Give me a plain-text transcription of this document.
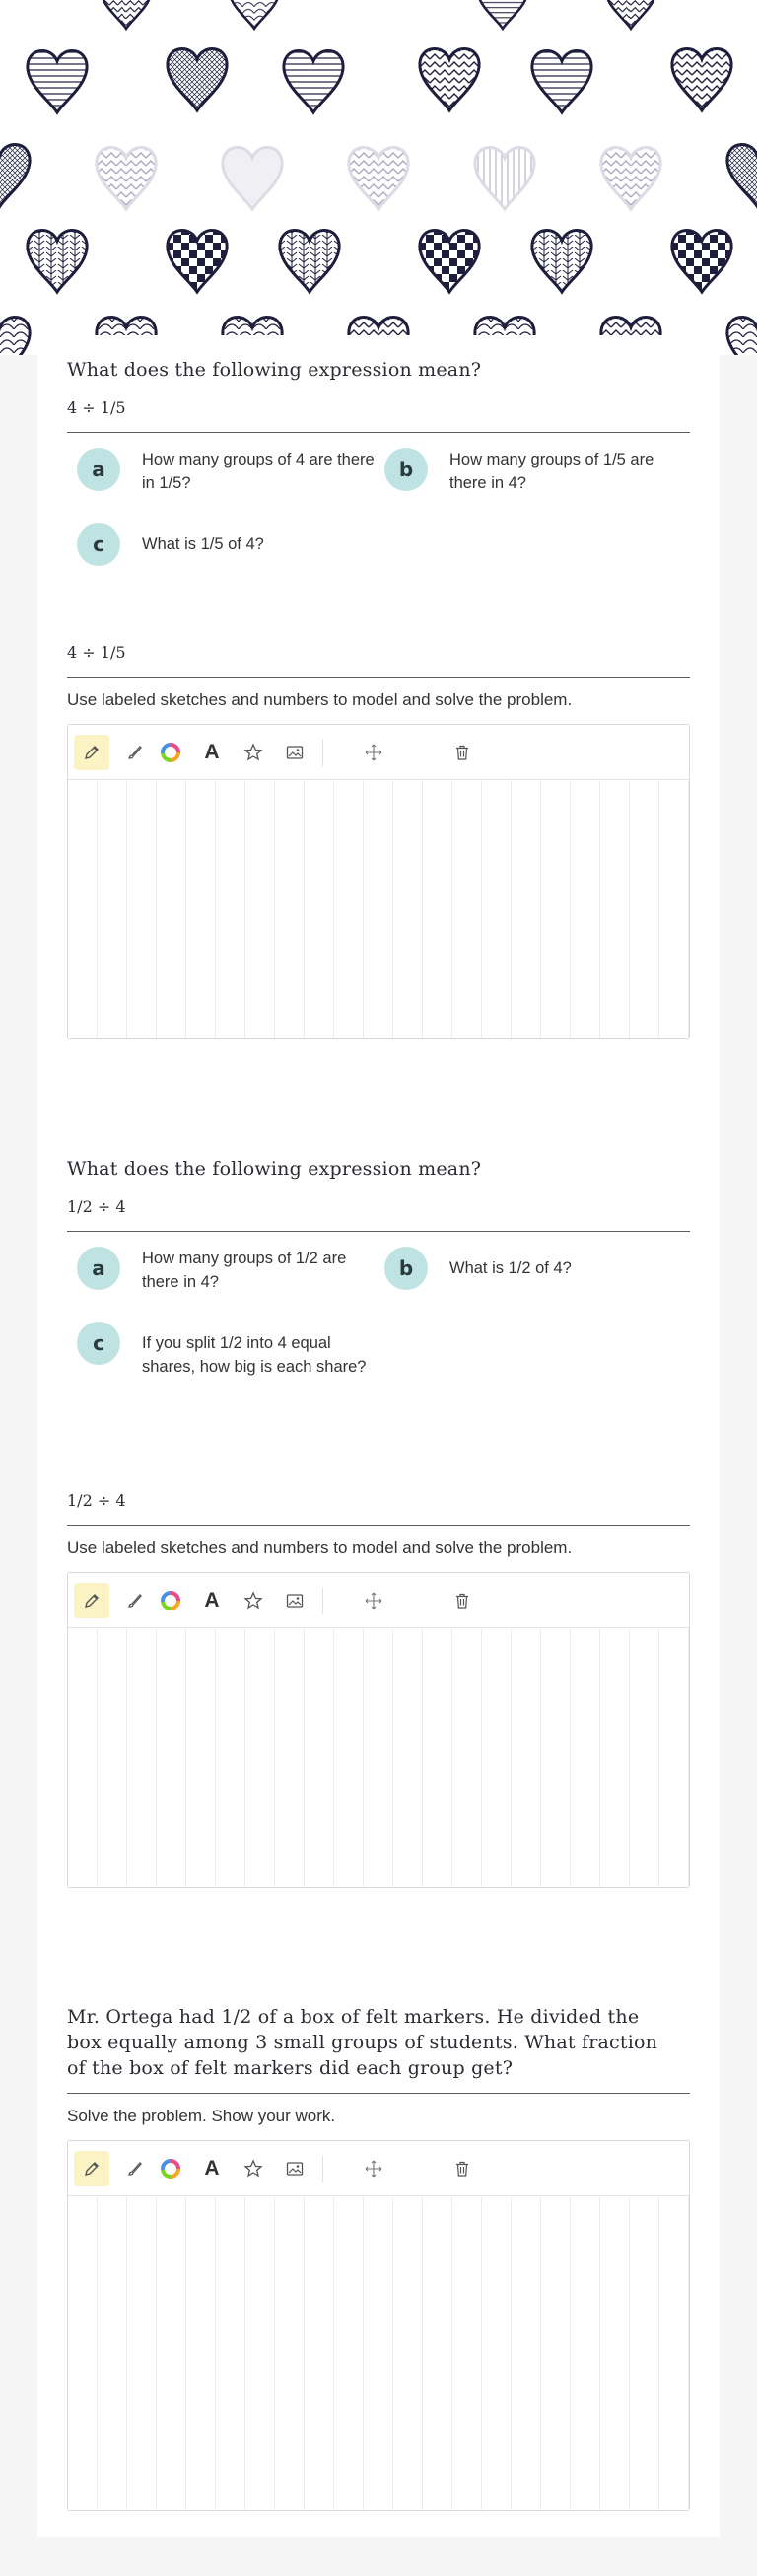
What does the following expression mean?
4 ÷ 1/5
a	How many groups of 4 are there in 1/5?
b	How many groups of 1/5 are there in 4?
c	What is 1/5 of 4?
4 ÷ 1/5
Use labeled sketches and numbers to model and solve the problem.
A
What does the following expression mean?
1/2 ÷ 4
a	How many groups of 1/2 are there in 4?
b	What is 1/2 of 4?
c	If you split 1/2 into 4 equal shares, how big is each share?
1/2 ÷ 4
Use labeled sketches and numbers to model and solve the problem.
A
Mr. Ortega had 1/2 of a box of felt markers. He divided the box equally among 3 small groups of students. What fraction of the box of felt markers did each group get?
Solve the problem. Show your work.
A
